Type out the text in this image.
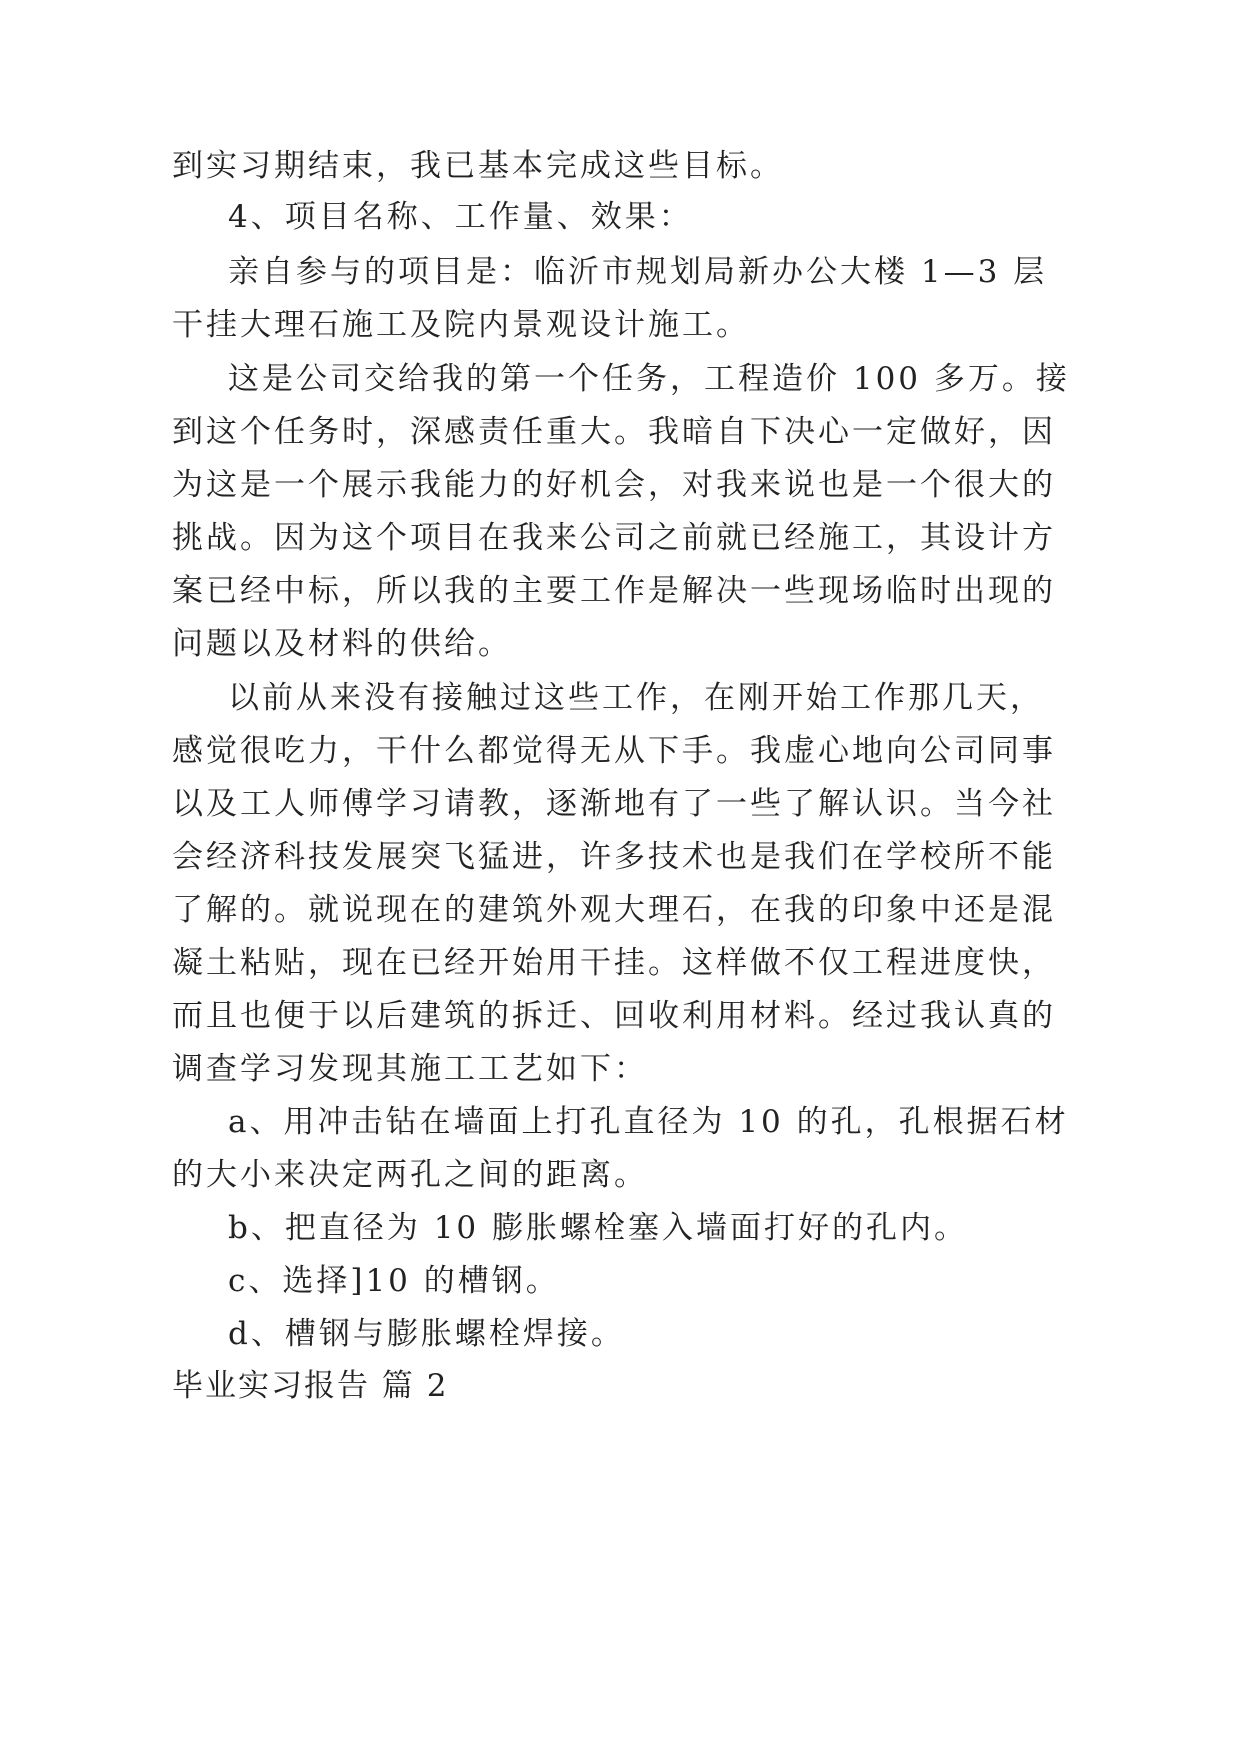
到实习期结束，我已基本完成这些目标。
4、项目名称、工作量、效果：
亲自参与的项目是：临沂市规划局新办公大楼 1—3 层
干挂大理石施工及院内景观设计施工。
这是公司交给我的第一个任务，工程造价 100 多万。接
到这个任务时，深感责任重大。我暗自下决心一定做好，因
为这是一个展示我能力的好机会，对我来说也是一个很大的
挑战。因为这个项目在我来公司之前就已经施工，其设计方
案已经中标，所以我的主要工作是解决一些现场临时出现的
问题以及材料的供给。
以前从来没有接触过这些工作，在刚开始工作那几天，
感觉很吃力，干什么都觉得无从下手。我虚心地向公司同事
以及工人师傅学习请教，逐渐地有了一些了解认识。当今社
会经济科技发展突飞猛进，许多技术也是我们在学校所不能
了解的。就说现在的建筑外观大理石，在我的印象中还是混
凝土粘贴，现在已经开始用干挂。这样做不仅工程进度快，
而且也便于以后建筑的拆迁、回收利用材料。经过我认真的
调查学习发现其施工工艺如下：
a、用冲击钻在墙面上打孔直径为 10 的孔，孔根据石材
的大小来决定两孔之间的距离。
b、把直径为 10 膨胀螺栓塞入墙面打好的孔内。
c、选择]10 的槽钢。
d、槽钢与膨胀螺栓焊接。
毕业实习报告 篇 2
